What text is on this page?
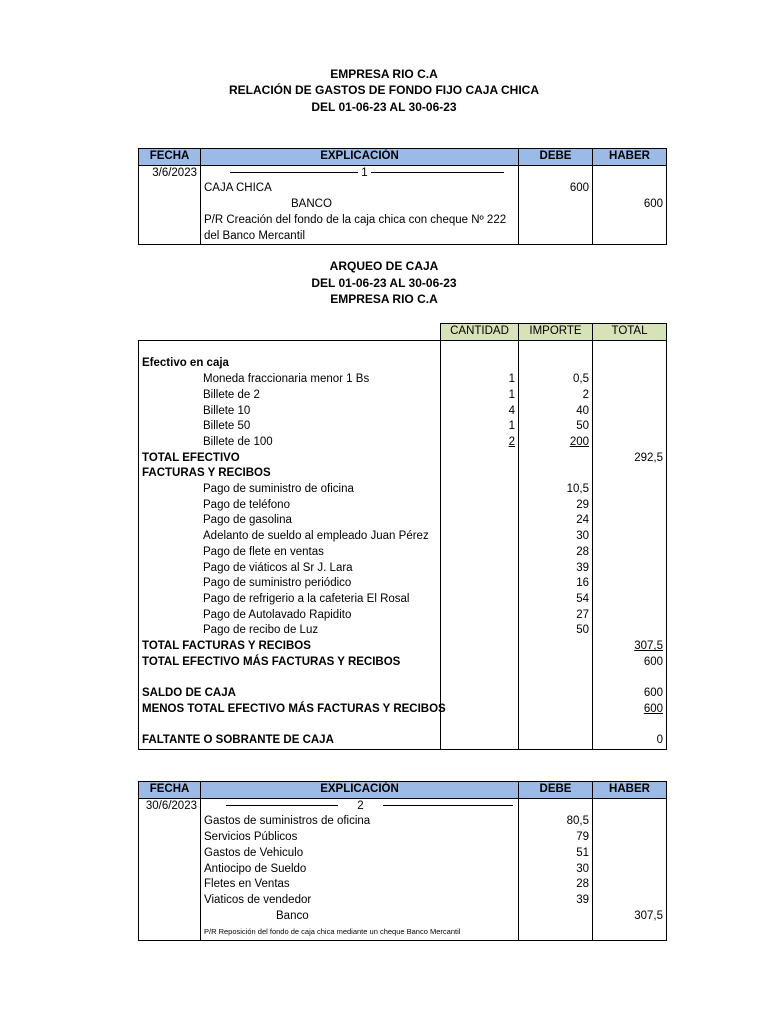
EMPRESA RIO C.A
RELACIÓN DE GASTOS DE FONDO FIJO CAJA CHICA
DEL 01-06-23 AL 30-06-23
FECHA	EXPLICACIÓN	DEBE	HABER
3/6/2023	1		
	CAJA CHICA	600	
	BANCO		600
	P/R Creación del fondo de la caja chica con cheque Nº 222		
	del Banco Mercantil		
ARQUEO DE CAJA
DEL 01-06-23 AL 30-06-23
EMPRESA RIO C.A
	CANTIDAD	IMPORTE	TOTAL

Efectivo en caja			
Moneda fraccionaria menor 1 Bs	1	0,5	
Billete de 2	1	2	
Billete 10	4	40	
Billete 50	1	50	
Billete de 100	2	200	
TOTAL EFECTIVO			292,5
FACTURAS Y RECIBOS			
Pago de suministro de oficina		10,5	
Pago de teléfono		29	
Pago de gasolina		24	
Adelanto de sueldo al empleado Juan Pérez		30	
Pago de flete en ventas		28	
Pago de viáticos al Sr J. Lara		39	
Pago de suministro periódico		16	
Pago de refrigerio a la cafeteria El Rosal		54	
Pago de Autolavado Rapidito		27	
Pago de recibo de Luz		50	
TOTAL FACTURAS Y RECIBOS			307,5
TOTAL EFECTIVO MÁS FACTURAS Y RECIBOS			600

SALDO DE CAJA			600
MENOS TOTAL EFECTIVO MÁS FACTURAS Y RECIBOS			600

FALTANTE O SOBRANTE DE CAJA			0
FECHA	EXPLICACIÓN	DEBE	HABER
30/6/2023	2		
	Gastos de suministros de oficina	80,5	
	Servicios Públicos	79	
	Gastos de Vehiculo	51	
	Antiocipo de Sueldo	30	
	Fletes en Ventas	28	
	Viaticos de vendedor	39	
	Banco		307,5
	P/R Reposición del fondo de caja chica mediante un cheque Banco Mercantil		
